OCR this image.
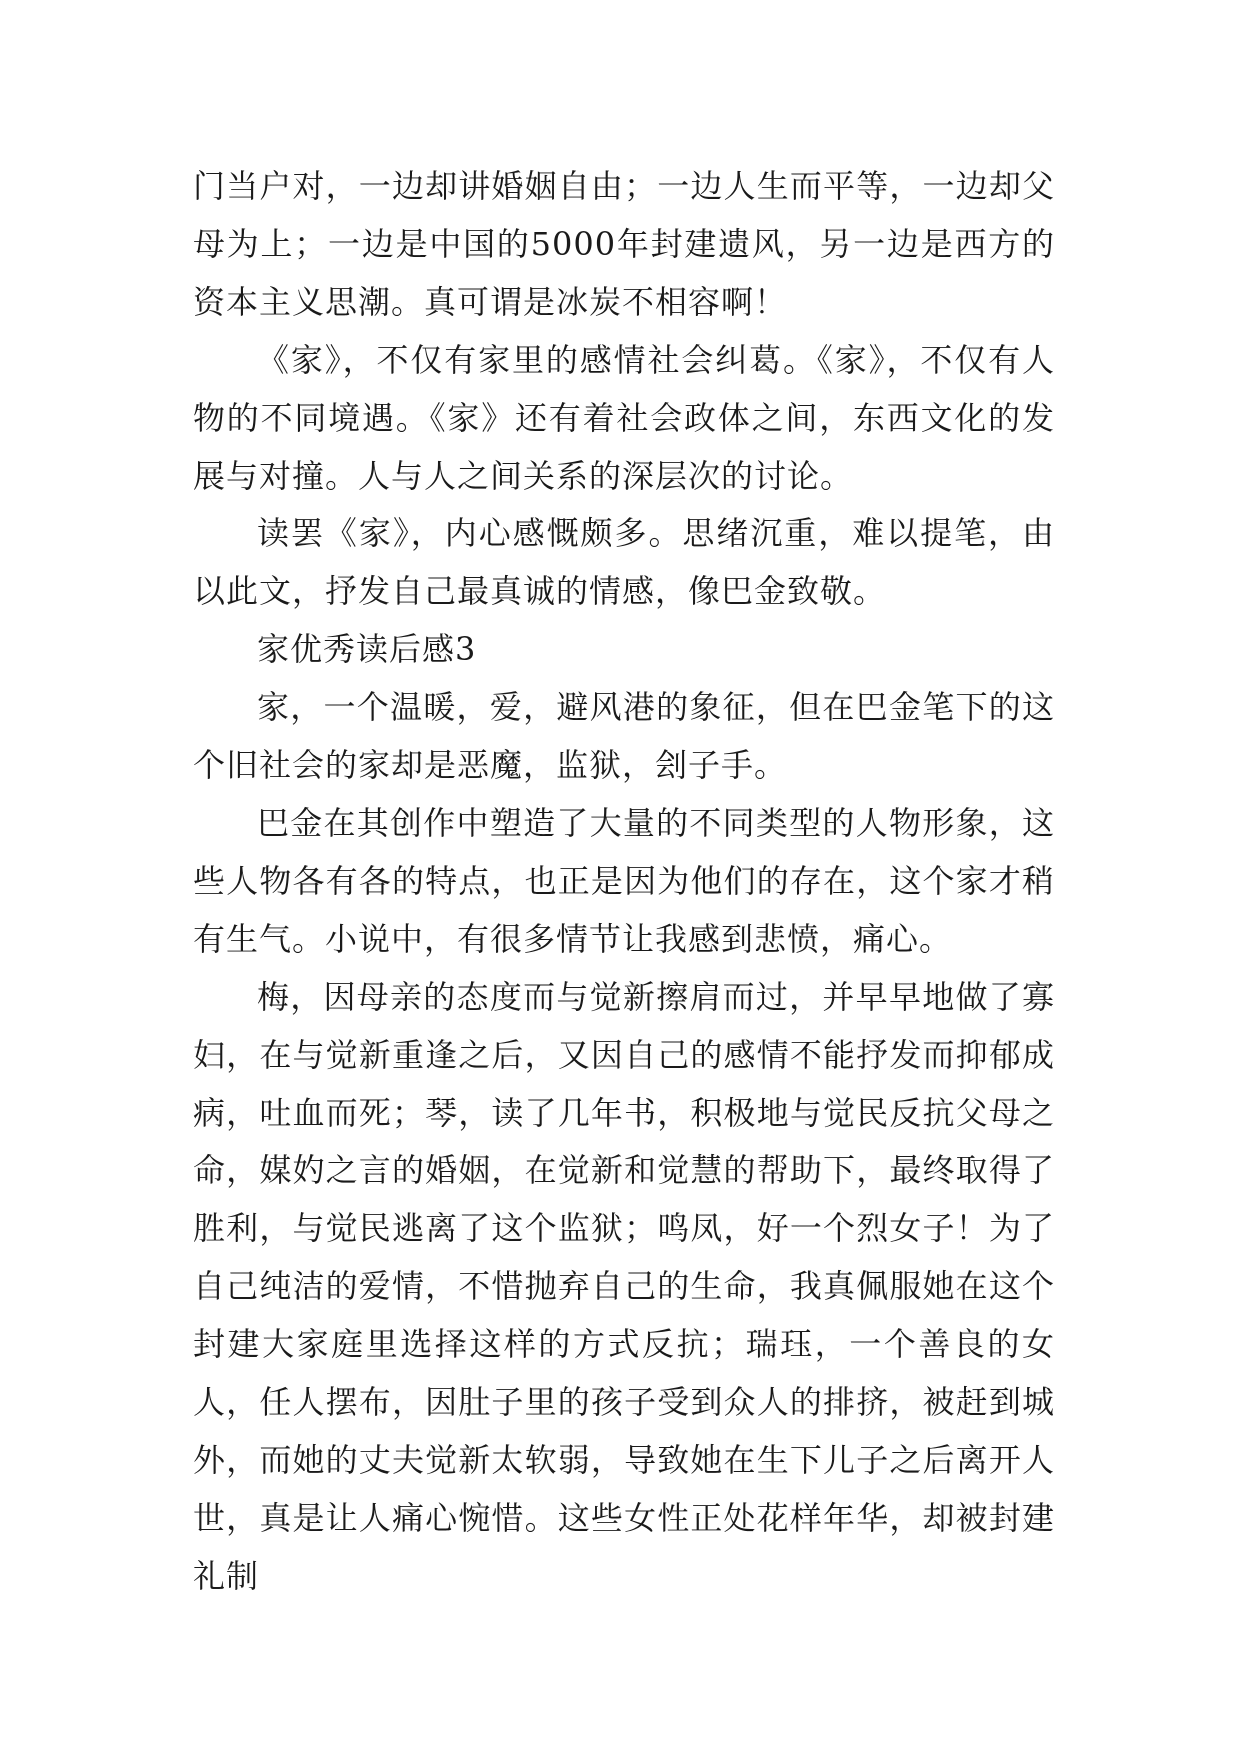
门当户对，一边却讲婚姻自由；一边人生而平等，一边却父母为上；一边是中国的5000年封建遗风，另一边是西方的资本主义思潮。真可谓是冰炭不相容啊！

《家》，不仅有家里的感情社会纠葛。《家》，不仅有人物的不同境遇。《家》还有着社会政体之间，东西文化的发展与对撞。人与人之间关系的深层次的讨论。

读罢《家》，内心感慨颇多。思绪沉重，难以提笔，由以此文，抒发自己最真诚的情感，像巴金致敬。

家优秀读后感3

家，一个温暖，爱，避风港的象征，但在巴金笔下的这个旧社会的家却是恶魔，监狱，刽子手。

巴金在其创作中塑造了大量的不同类型的人物形象，这些人物各有各的特点，也正是因为他们的存在，这个家才稍有生气。小说中，有很多情节让我感到悲愤，痛心。

梅，因母亲的态度而与觉新擦肩而过，并早早地做了寡妇，在与觉新重逢之后，又因自己的感情不能抒发而抑郁成病，吐血而死；琴，读了几年书，积极地与觉民反抗父母之命，媒妁之言的婚姻，在觉新和觉慧的帮助下，最终取得了胜利，与觉民逃离了这个监狱；鸣凤，好一个烈女子！为了自己纯洁的爱情，不惜抛弃自己的生命，我真佩服她在这个封建大家庭里选择这样的方式反抗；瑞珏，一个善良的女人，任人摆布，因肚子里的孩子受到众人的排挤，被赶到城外，而她的丈夫觉新太软弱，导致她在生下儿子之后离开人世，真是让人痛心惋惜。这些女性正处花样年华，却被封建礼制
